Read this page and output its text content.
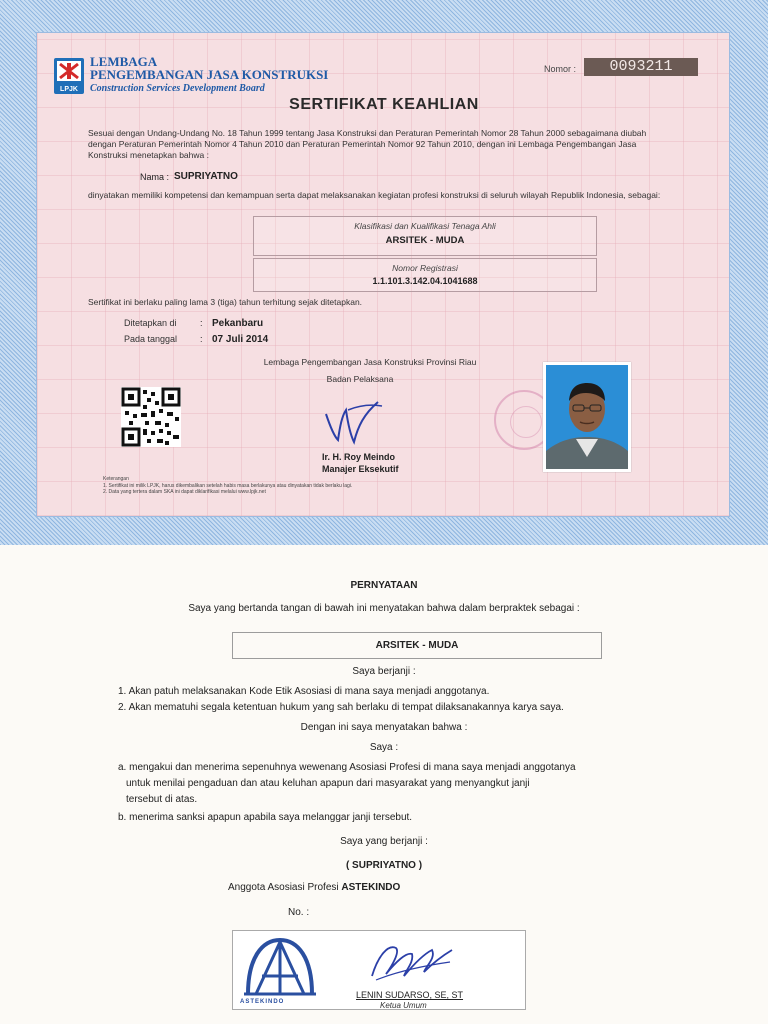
LPJK
LEMBAGA
PENGEMBANGAN JASA KONSTRUKSI
Construction Services Development Board
Nomor :	0093211
SERTIFIKAT KEAHLIAN
Sesuai dengan Undang-Undang No. 18 Tahun 1999 tentang Jasa Konstruksi dan Peraturan Pemerintah Nomor 28 Tahun 2000 sebagaimana diubah dengan Peraturan Pemerintah Nomor 4 Tahun 2010 dan Peraturan Pemerintah Nomor 92 Tahun 2010, dengan ini Lembaga Pengembangan Jasa Konstruksi menetapkan bahwa :
Nama : SUPRIYATNO
dinyatakan memiliki kompetensi dan kemampuan serta dapat melaksanakan kegiatan profesi konstruksi di seluruh wilayah Republik Indonesia, sebagai:
Klasifikasi dan Kualifikasi Tenaga Ahli
ARSITEK - MUDA
Nomor Registrasi
1.1.101.3.142.04.1041688
Sertifikat ini berlaku paling lama 3 (tiga) tahun terhitung sejak ditetapkan.
Ditetapkan di	: Pekanbaru
Pada tanggal	: 07 Juli 2014
Lembaga Pengembangan Jasa Konstruksi Provinsi Riau
Badan Pelaksana
Ir. H. Roy Meindo
Manajer Eksekutif
Keterangan
1. Sertifikat ini milik LPJK, harus dikembalikan setelah habis masa berlakunya atau dinyatakan tidak berlaku lagi.
2. Data yang tertera dalam SKA ini dapat diklarifikasi melalui www.lpjk.net
PERNYATAAN
Saya yang bertanda tangan di bawah ini menyatakan bahwa dalam berpraktek sebagai :
ARSITEK - MUDA
Saya berjanji :
1. Akan patuh melaksanakan Kode Etik Asosiasi di mana saya menjadi anggotanya.
2. Akan mematuhi segala ketentuan hukum yang sah berlaku di tempat dilaksanakannya karya saya.
Dengan ini saya menyatakan bahwa :
Saya :
a. mengakui dan menerima sepenuhnya wewenang Asosiasi Profesi di mana saya menjadi anggotanya
untuk menilai pengaduan dan atau keluhan apapun dari masyarakat yang menyangkut janji
tersebut di atas.
b. menerima sanksi apapun apabila saya melanggar janji tersebut.
Saya yang berjanji :
( SUPRIYATNO )
Anggota Asosiasi Profesi ASTEKINDO
No. :
ASTEKINDO
LENIN SUDARSO, SE, ST
Ketua Umum
